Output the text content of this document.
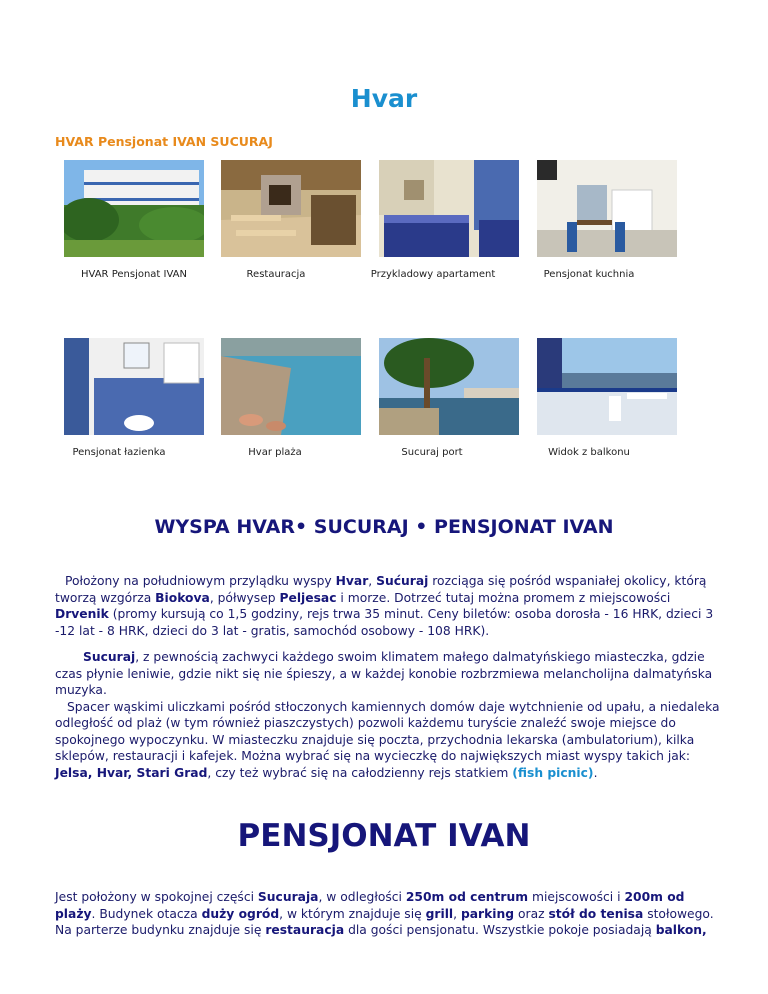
Hvar
HVAR Pensjonat IVAN SUCURAJ
HVAR Pensjonat IVAN	Restauracja	Przykladowy apartament	Pensjonat kuchnia
Pensjonat łazienka	Hvar plaża	Sucuraj port	Widok z balkonu
WYSPA HVAR• SUCURAJ • PENSJONAT IVAN
Położony na południowym przylądku wyspy Hvar, Sućuraj rozciąga się pośród wspaniałej okolicy, którą tworzą wzgórza Biokova, półwysep Peljesac i morze. Dotrzeć tutaj można promem z miejscowości Drvenik (promy kursują co 1,5 godziny, rejs trwa 35 minut. Ceny biletów: osoba dorosła - 16 HRK, dzieci 3 -12 lat - 8 HRK, dzieci do 3 lat - gratis, samochód osobowy - 108 HRK).
Sucuraj, z pewnością zachwyci każdego swoim klimatem małego dalmatyńskiego miasteczka, gdzie czas płynie leniwie, gdzie nikt się nie śpieszy, a w każdej konobie rozbrzmiewa melancholijna dalmatyńska muzyka.
Spacer wąskimi uliczkami pośród stłoczonych kamiennych domów daje wytchnienie od upału, a niedaleka odległość od plaż (w tym również piaszczystych) pozwoli każdemu turyście znaleźć swoje miejsce do spokojnego wypoczynku. W miasteczku znajduje się poczta, przychodnia lekarska (ambulatorium), kilka sklepów, restauracji i kafejek. Można wybrać się na wycieczkę do największych miast wyspy takich jak: Jelsa, Hvar, Stari Grad, czy też wybrać się na całodzienny rejs statkiem (fish picnic).
PENSJONAT IVAN
Jest położony w spokojnej części Sucuraja, w odległości 250m od centrum miejscowości i 200m od plaży. Budynek otacza duży ogród, w którym znajduje się grill, parking oraz stół do tenisa stołowego. Na parterze budynku znajduje się restauracja dla gości pensjonatu. Wszystkie pokoje posiadają balkon,
